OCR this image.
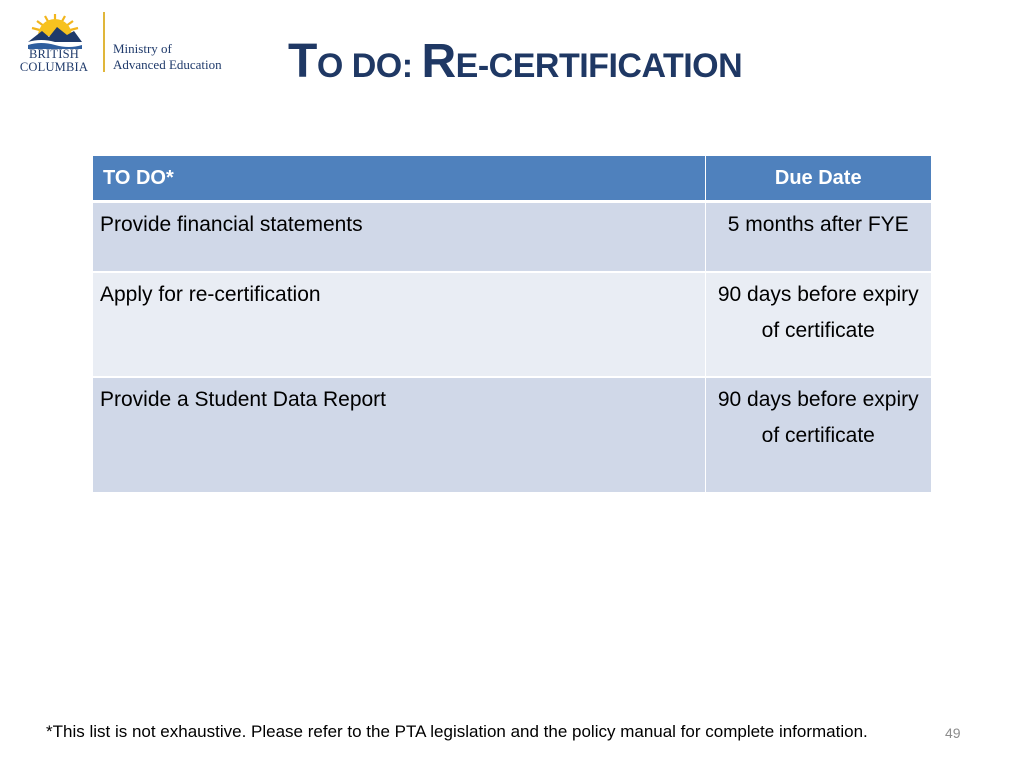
BRITISH
COLUMBIA
Ministry of
Advanced Education TO DO: RE-CERTIFICATION
TO DO*	Due Date
Provide financial statements	5 months after FYE
Apply for re-certification	90 days before expiry of certificate
Provide a Student Data Report	90 days before expiry of certificate
*This list is not exhaustive. Please refer to the PTA legislation and the policy manual for complete information.	49
